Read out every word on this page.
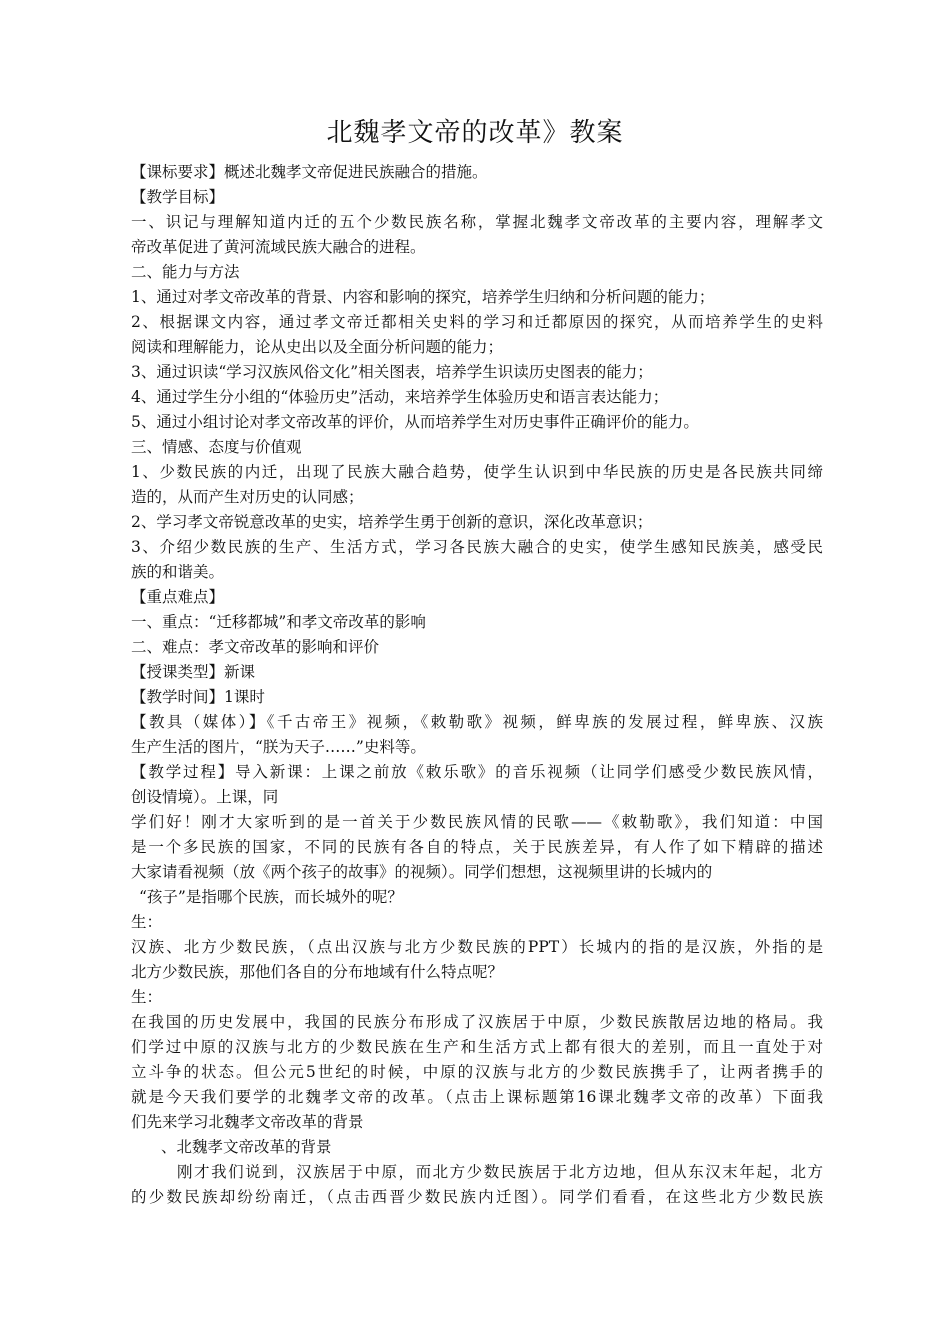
北魏孝文帝的改革》教案
【课标要求】概述北魏孝文帝促进民族融合的措施。
【教学目标】
一、识记与理解知道内迁的五个少数民族名称，掌握北魏孝文帝改革的主要内容，理解孝文
帝改革促进了黄河流域民族大融合的进程。
二、能力与方法
1、通过对孝文帝改革的背景、内容和影响的探究，培养学生归纳和分析问题的能力；
2、根据课文内容，通过孝文帝迁都相关史料的学习和迁都原因的探究，从而培养学生的史料
阅读和理解能力，论从史出以及全面分析问题的能力；
3、通过识读“学习汉族风俗文化”相关图表，培养学生识读历史图表的能力；
4、通过学生分小组的“体验历史”活动，来培养学生体验历史和语言表达能力；
5、通过小组讨论对孝文帝改革的评价，从而培养学生对历史事件正确评价的能力。
三、情感、态度与价值观
1、少数民族的内迁，出现了民族大融合趋势，使学生认识到中华民族的历史是各民族共同缔
造的，从而产生对历史的认同感；
2、学习孝文帝锐意改革的史实，培养学生勇于创新的意识，深化改革意识；
3、介绍少数民族的生产、生活方式，学习各民族大融合的史实，使学生感知民族美，感受民
族的和谐美。
【重点难点】
一、重点：“迁移都城”和孝文帝改革的影响
二、难点：孝文帝改革的影响和评价
【授课类型】新课
【教学时间】1课时
【教具（媒体）】《千古帝王》视频，《敕勒歌》视频，鲜卑族的发展过程，鲜卑族、汉族
生产生活的图片，“朕为天子……”史料等。
【教学过程】导入新课：上课之前放《敕乐歌》的音乐视频（让同学们感受少数民族风情，
创设情境）。上课，同
学们好！刚才大家听到的是一首关于少数民族风情的民歌——《敕勒歌》，我们知道：中国
是一个多民族的国家，不同的民族有各自的特点，关于民族差异，有人作了如下精辟的描述
大家请看视频（放《两个孩子的故事》的视频）。同学们想想，这视频里讲的长城内的
“孩子”是指哪个民族，而长城外的呢？
生：
汉族、北方少数民族，（点出汉族与北方少数民族的PPT）长城内的指的是汉族，外指的是
北方少数民族，那他们各自的分布地域有什么特点呢？
生：
在我国的历史发展中，我国的民族分布形成了汉族居于中原，少数民族散居边地的格局。我
们学过中原的汉族与北方的少数民族在生产和生活方式上都有很大的差别，而且一直处于对
立斗争的状态。但公元5世纪的时候，中原的汉族与北方的少数民族携手了，让两者携手的
就是今天我们要学的北魏孝文帝的改革。（点击上课标题第16课北魏孝文帝的改革）下面我
们先来学习北魏孝文帝改革的背景
、北魏孝文帝改革的背景
刚才我们说到，汉族居于中原，而北方少数民族居于北方边地，但从东汉末年起，北方
的少数民族却纷纷南迁，（点击西晋少数民族内迁图）。同学们看看，在这些北方少数民族
